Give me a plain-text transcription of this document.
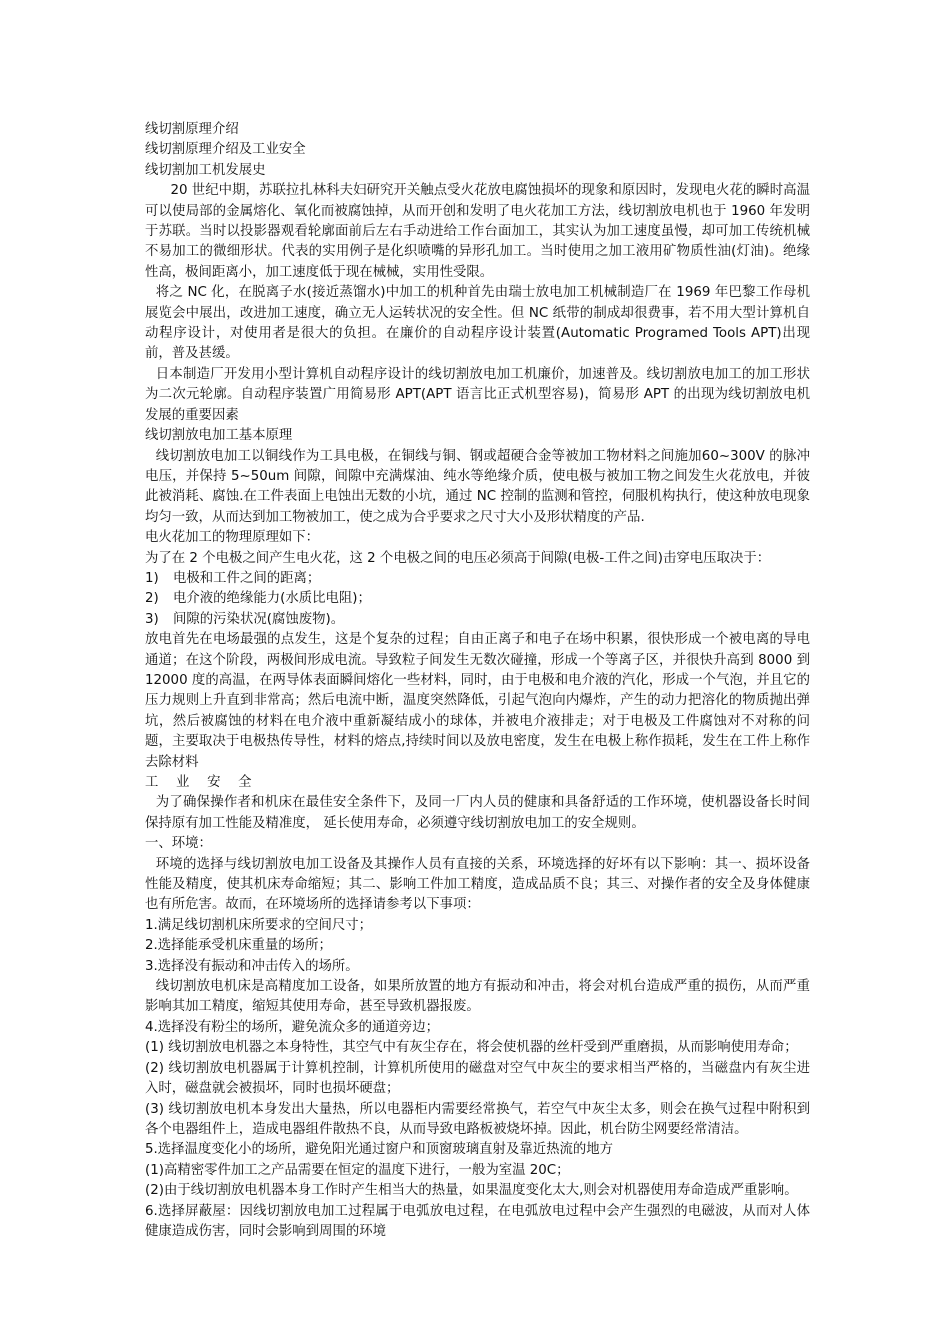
线切割原理介绍

线切割原理介绍及工业安全

线切割加工机发展史

20 世纪中期，苏联拉扎林科夫妇研究开关触点受火花放电腐蚀损坏的现象和原因时，发现电火花的瞬时高温可以使局部的金属熔化、氧化而被腐蚀掉，从而开创和发明了电火花加工方法，线切割放电机也于 1960 年发明于苏联。当时以投影器观看轮廓面前后左右手动进给工作台面加工，其实认为加工速度虽慢，却可加工传统机械不易加工的微细形状。代表的实用例子是化织喷嘴的异形孔加工。当时使用之加工液用矿物质性油(灯油)。绝缘性高，极间距离小，加工速度低于现在械械，实用性受限。

将之 NC 化，在脱离子水(接近蒸馏水)中加工的机种首先由瑞士放电加工机械制造厂在 1969 年巴黎工作母机展览会中展出，改进加工速度，确立无人运转状况的安全性。但 NC 纸带的制成却很费事，若不用大型计算机自动程序设计，对使用者是很大的负担。在廉价的自动程序设计装置(Automatic Programed Tools APT)出现前，普及甚缓。

日本制造厂开发用小型计算机自动程序设计的线切割放电加工机廉价，加速普及。线切割放电加工的加工形状为二次元轮廓。自动程序装置广用简易形 APT(APT 语言比正式机型容易)，简易形 APT 的出现为线切割放电机发展的重要因素

线切割放电加工基本原理

线切割放电加工以铜线作为工具电极，在铜线与铜、钢或超硬合金等被加工物材料之间施加60~300V 的脉冲电压，并保持 5~50um 间隙，间隙中充满煤油、纯水等绝缘介质，使电极与被加工物之间发生火花放电，并彼此被消耗、腐蚀.在工件表面上电蚀出无数的小坑，通过 NC 控制的监测和管控，伺服机构执行，使这种放电现象均匀一致，从而达到加工物被加工，使之成为合乎要求之尺寸大小及形状精度的产品.

电火花加工的物理原理如下：

为了在 2 个电极之间产生电火花，这 2 个电极之间的电压必须高于间隙(电极-工件之间)击穿电压取决于：

1)	电极和工件之间的距离；
2)	电介液的绝缘能力(水质比电阻)；
3)	间隙的污染状况(腐蚀废物)。

放电首先在电场最强的点发生，这是个复杂的过程；自由正离子和电子在场中积累，很快形成一个被电离的导电通道；在这个阶段，两极间形成电流。导致粒子间发生无数次碰撞，形成一个等离子区，并很快升高到 8000 到 12000 度的高温，在两导体表面瞬间熔化一些材料，同时，由于电极和电介液的汽化，形成一个气泡，并且它的压力规则上升直到非常高；然后电流中断，温度突然降低，引起气泡向内爆炸，产生的动力把溶化的物质抛出弹坑，然后被腐蚀的材料在电介液中重新凝结成小的球体，并被电介液排走；对于电极及工件腐蚀对不对称的问题，主要取决于电极热传导性，材料的熔点,持续时间以及放电密度，发生在电极上称作损耗，发生在工件上称作去除材料

工 业 安 全

为了确保操作者和机床在最佳安全条件下，及同一厂内人员的健康和具备舒适的工作环境，使机器设备长时间保持原有加工性能及精准度， 延长使用寿命，必须遵守线切割放电加工的安全规则。

一、环境：

环境的选择与线切割放电加工设备及其操作人员有直接的关系，环境选择的好坏有以下影响：其一、损坏设备性能及精度，使其机床寿命缩短；其二、影响工件加工精度，造成品质不良；其三、对操作者的安全及身体健康也有所危害。故而，在环境场所的选择请参考以下事项：

1.满足线切割机床所要求的空间尺寸；

2.选择能承受机床重量的场所；

3.选择没有振动和冲击传入的场所。

线切割放电机床是高精度加工设备，如果所放置的地方有振动和冲击，将会对机台造成严重的损伤，从而严重影响其加工精度，缩短其使用寿命，甚至导致机器报废。

4.选择没有粉尘的场所，避免流众多的通道旁边；

(1) 线切割放电机器之本身特性，其空气中有灰尘存在，将会使机器的丝杆受到严重磨损，从而影响使用寿命；

(2) 线切割放电机器属于计算机控制，计算机所使用的磁盘对空气中灰尘的要求相当严格的，当磁盘内有灰尘进入时，磁盘就会被损坏，同时也损坏硬盘；

(3) 线切割放电机本身发出大量热，所以电器柜内需要经常换气，若空气中灰尘太多，则会在换气过程中附积到各个电器组件上，造成电器组件散热不良，从而导致电路板被烧坏掉。因此，机台防尘网要经常清洁。

5.选择温度变化小的场所，避免阳光通过窗户和顶窗玻璃直射及靠近热流的地方

(1)高精密零件加工之产品需要在恒定的温度下进行，一般为室温 20C；

(2)由于线切割放电机器本身工作时产生相当大的热量，如果温度变化太大,则会对机器使用寿命造成严重影响。

6.选择屏蔽屋：因线切割放电加工过程属于电弧放电过程，在电弧放电过程中会产生强烈的电磁波，从而对人体健康造成伤害，同时会影响到周围的环境
